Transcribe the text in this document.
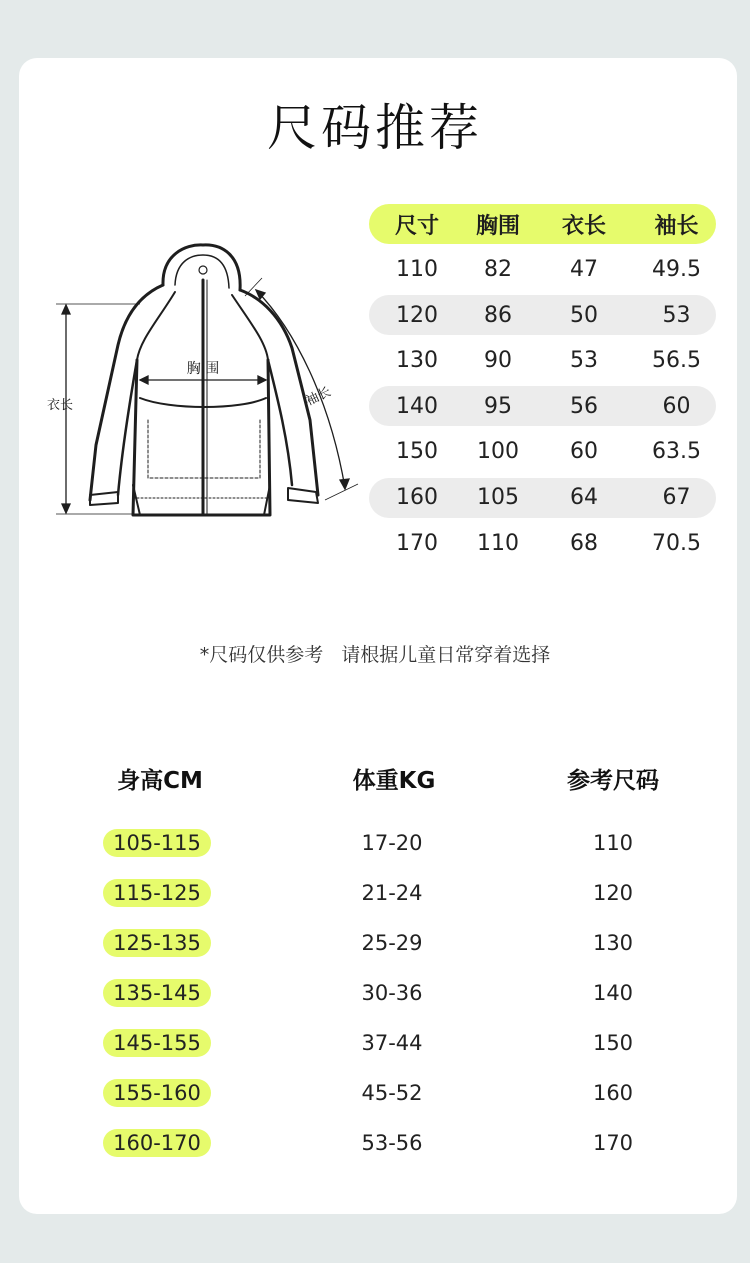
尺码推荐
胸 围
衣长	袖长
尺寸	胸围	衣长	袖长
110	82	47	49.5
120	86	50	53
130	90	53	56.5
140	95	56	60
150	100	60	63.5
160	105	64	67
170	110	68	70.5
*尺码仅供参考   请根据儿童日常穿着选择
身高CM	体重KG	参考尺码
105-115	17-20	110
115-125	21-24	120
125-135	25-29	130
135-145	30-36	140
145-155	37-44	150
155-160	45-52	160
160-170	53-56	170
